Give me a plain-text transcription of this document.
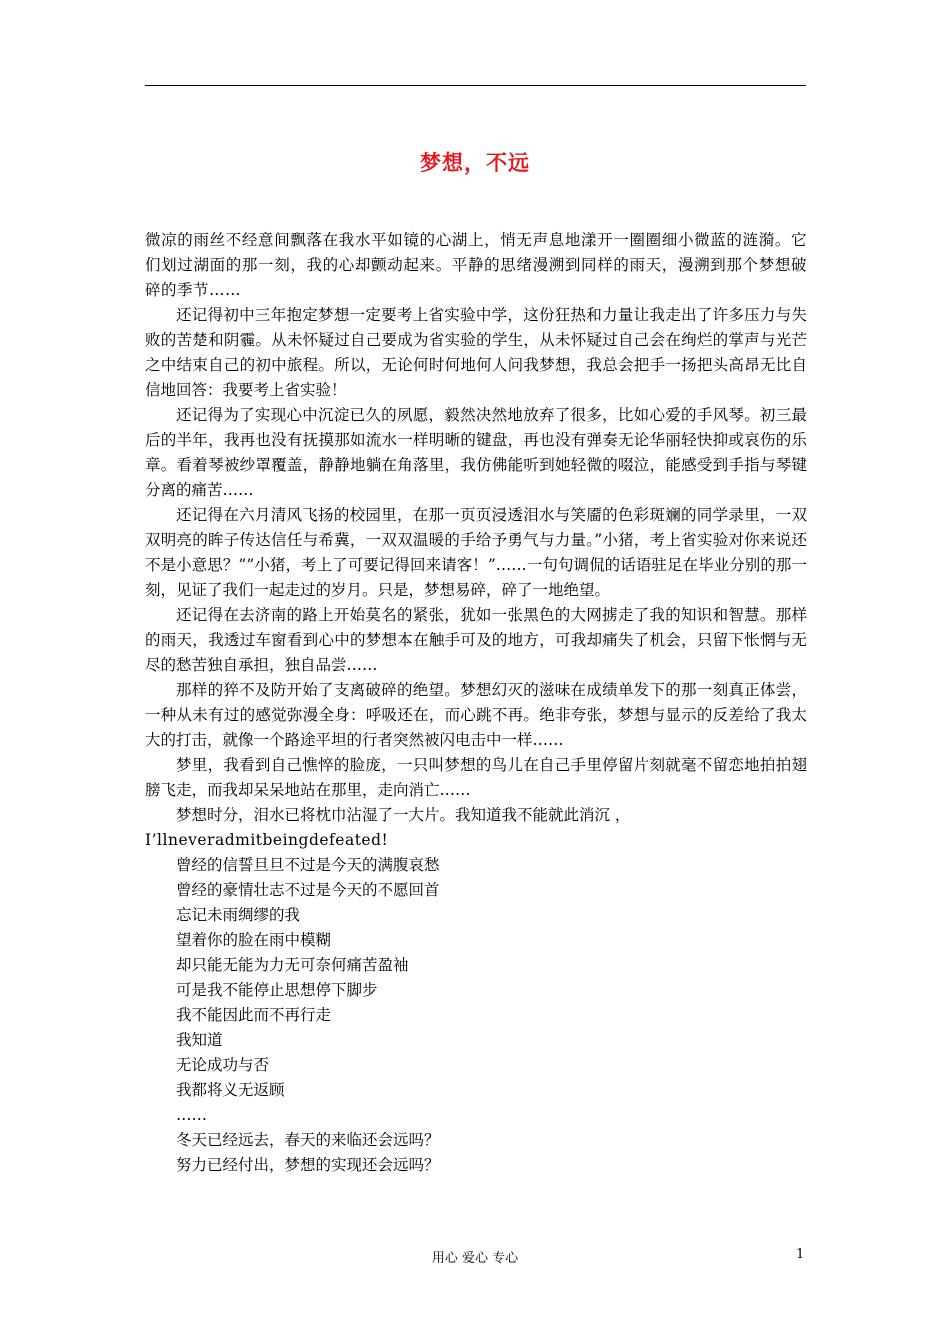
梦想，不远

微凉的雨丝不经意间飘落在我水平如镜的心湖上，悄无声息地漾开一圈圈细小微蓝的涟漪。它们划过湖面的那一刻，我的心却颤动起来。平静的思绪漫溯到同样的雨天，漫溯到那个梦想破碎的季节……

还记得初中三年抱定梦想一定要考上省实验中学，这份狂热和力量让我走出了许多压力与失败的苦楚和阴霾。从未怀疑过自己要成为省实验的学生，从未怀疑过自己会在绚烂的掌声与光芒之中结束自己的初中旅程。所以，无论何时何地何人问我梦想，我总会把手一扬把头高昂无比自信地回答：我要考上省实验！

还记得为了实现心中沉淀已久的夙愿，毅然决然地放弃了很多，比如心爱的手风琴。初三最后的半年，我再也没有抚摸那如流水一样明晰的键盘，再也没有弹奏无论华丽轻快抑或哀伤的乐章。看着琴被纱罩覆盖，静静地躺在角落里，我仿佛能听到她轻微的啜泣，能感受到手指与琴键分离的痛苦……

还记得在六月清风飞扬的校园里，在那一页页浸透泪水与笑靥的色彩斑斓的同学录里，一双双明亮的眸子传达信任与希冀，一双双温暖的手给予勇气与力量。”小猪，考上省实验对你来说还不是小意思？””小猪，考上了可要记得回来请客！”……一句句调侃的话语驻足在毕业分别的那一刻，见证了我们一起走过的岁月。只是，梦想易碎，碎了一地绝望。

还记得在去济南的路上开始莫名的紧张，犹如一张黑色的大网掳走了我的知识和智慧。那样的雨天，我透过车窗看到心中的梦想本在触手可及的地方，可我却痛失了机会，只留下怅惘与无尽的愁苦独自承担，独自品尝……

那样的猝不及防开始了支离破碎的绝望。梦想幻灭的滋味在成绩单发下的那一刻真正体尝，一种从未有过的感觉弥漫全身：呼吸还在，而心跳不再。绝非夸张，梦想与显示的反差给了我太大的打击，就像一个路途平坦的行者突然被闪电击中一样……

梦里，我看到自己憔悴的脸庞，一只叫梦想的鸟儿在自己手里停留片刻就毫不留恋地拍拍翅膀飞走，而我却呆呆地站在那里，走向消亡……

梦想时分，泪水已将枕巾沾湿了一大片。我知道我不能就此消沉 ，

I’llneveradmitbeingdefeated!

曾经的信誓旦旦不过是今天的满腹哀愁

曾经的豪情壮志不过是今天的不愿回首

忘记未雨绸缪的我

望着你的脸在雨中模糊

却只能无能为力无可奈何痛苦盈袖

可是我不能停止思想停下脚步

我不能因此而不再行走

我知道

无论成功与否

我都将义无返顾

……

冬天已经远去，春天的来临还会远吗？

努力已经付出，梦想的实现还会远吗？

用心 爱心 专心	1
